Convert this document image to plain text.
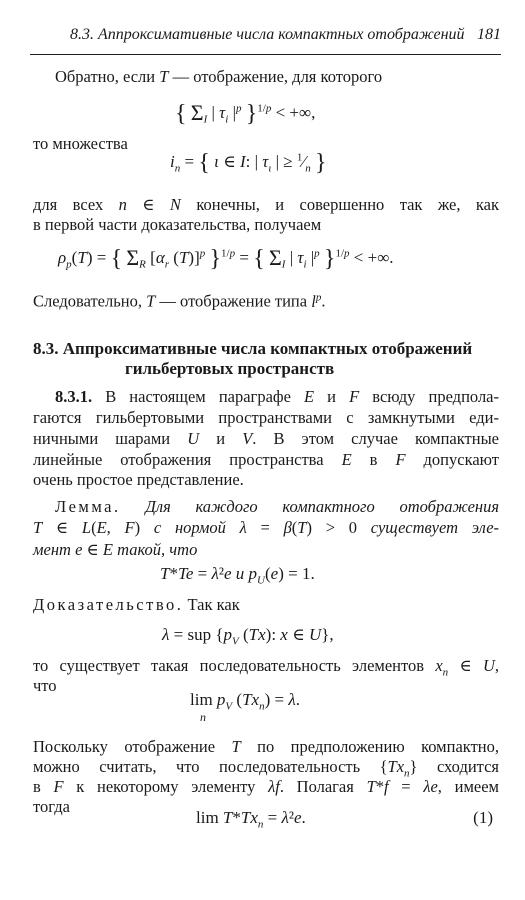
8.3. Аппроксимативные числа компактных отображений 181
Обратно, если T — отображение, для которого
{ $\Sigma_I$ | $\tau_i$ $|^p$ }$^{1/p}$ < +∞,
то множества
$i_n$ = { ι ∈ I: | $\tau_\iota$ | ≥ $^1⁄_n$ }
для всех n ∈ N конечны, и совершенно так же, как
в первой части доказательства, получаем
$\rho_p(T)$ = { $\Sigma_R$ [$\alpha_r$ (T)]$^p$ }$^{1/p}$ = { $\Sigma_I$ | $\tau_i$ $|^p$ }$^{1/p}$ < +∞.
Следовательно, T — отображение типа $l^p$.
8.3. Аппроксимативные числа компактных отображений
гильбертовых пространств
8.3.1. В настоящем параграфе E и F всюду предпола-
гаются гильбертовыми пространствами с замкнутыми еди-
ничными шарами U и V. В этом случае компактные
линейные отображения пространства E в F допускают
очень простое представление.
Лемма. Для каждого компактного отображения
T ∈ L(E, F) с нормой λ = β(T) > 0 существует эле-
мент e ∈ E такой, что
T*Te = λ²e и $p_U(e) = 1$.
Доказательство. Так как
λ = sup {$p_V$ (Tx): x ∈ U},
то существует такая последовательность элементов $x_n$ ∈ U,
что
lim
n
$p_V$ $(Tx_n) = \lambda$.
Поскольку отображение T по предположению компактно,
можно считать, что последовательность $\{Tx_n\}$ сходится
в F к некоторому элементу λf. Полагая T*f = λe, имеем
тогда
$\lim T*Tx_n = \lambda^2e$.	(1)
